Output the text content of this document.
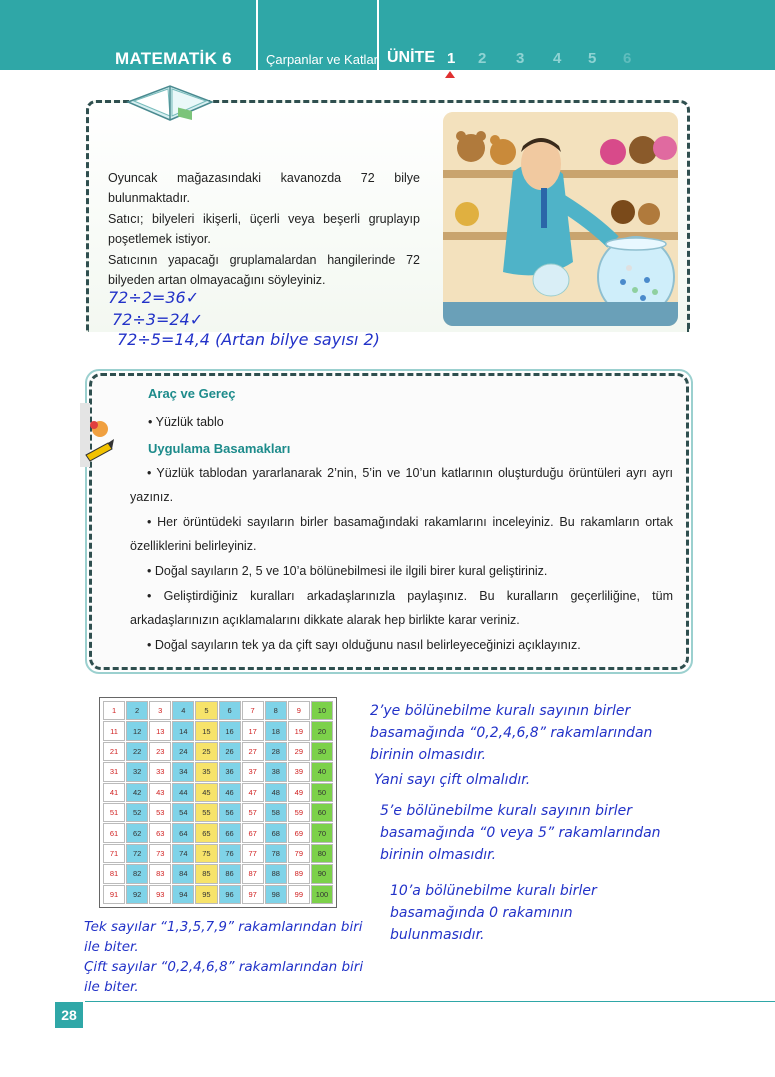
MATEMATİK 6	Çarpanlar ve Katlar ÜNİTE 1 2 3 4 5 6
Oyuncak mağazasındaki kavanozda 72 bilye bulunmaktadır.
Satıcı; bilyeleri ikişerli, üçerli veya beşerli gruplayıp poşetlemek istiyor.
Satıcının yapacağı gruplamalardan hangilerinde 72 bilyeden artan olmayacağını söyleyiniz.
72÷2=36✓
72÷3=24✓
72÷5=14,4 (Artan bilye sayısı 2)
Araç ve Gereç
• Yüzlük tablo
Uygulama Basamakları
• Yüzlük tablodan yararlanarak 2’nin, 5’in ve 10’un katlarının oluşturduğu örüntüleri ayrı ayrı yazınız.
• Her örüntüdeki sayıların birler basamağındaki rakamlarını inceleyiniz. Bu rakamların ortak özelliklerini belirleyiniz.
• Doğal sayıların 2, 5 ve 10’a bölünebilmesi ile ilgili birer kural geliştiriniz.
• Geliştirdiğiniz kuralları arkadaşlarınızla paylaşınız. Bu kuralların geçerliliğine, tüm arkadaşlarınızın açıklamalarını dikkate alarak hep birlikte karar veriniz.
• Doğal sayıların tek ya da çift sayı olduğunu nasıl belirleyeceğinizi açıklayınız.
1	2	3	4	5	6	7	8	9	10
11	12	13	14	15	16	17	18	19	20
21	22	23	24	25	26	27	28	29	30
31	32	33	34	35	36	37	38	39	40
41	42	43	44	45	46	47	48	49	50
51	52	53	54	55	56	57	58	59	60
61	62	63	64	65	66	67	68	69	70
71	72	73	74	75	76	77	78	79	80
81	82	83	84	85	86	87	88	89	90
91	92	93	94	95	96	97	98	99	100
2’ye bölünebilme kuralı sayının birler basamağında “0,2,4,6,8” rakamlarından birinin olmasıdır.
Yani sayı çift olmalıdır.
5’e bölünebilme kuralı sayının birler basamağında “0 veya 5” rakamlarından birinin olmasıdır.
10’a bölünebilme kuralı birler basamağında 0 rakamının bulunmasıdır.
Tek sayılar “1,3,5,7,9” rakamlarından biri ile biter.
Çift sayılar “0,2,4,6,8” rakamlarından biri ile biter.
28
